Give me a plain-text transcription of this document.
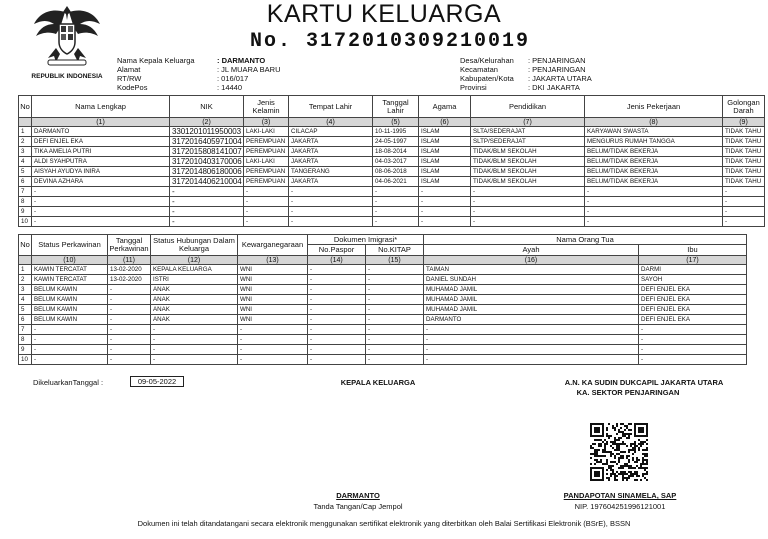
REPUBLIK INDONESIA
KARTU KELUARGA
No. 3172010309210019
Nama Kepala Keluarga	: DARMANTO
Alamat	: JL MUARA BARU
RT/RW	: 016/017
KodePos	: 14440
Desa/Kelurahan : PENJARINGAN
Kecamatan	: PENJARINGAN
Kabupaten/Kota : JAKARTA UTARA
Provinsi	: DKI JAKARTA
No	Nama Lengkap	NIK	Jenis Kelamin	Tempat Lahir	Tanggal Lahir	Agama	Pendidikan	Jenis Pekerjaan	Golongan Darah
	(1)	(2)	(3)	(4)	(5)	(6)	(7)	(8)	(9)
1	DARMANTO	3301201011950003	LAKI-LAKI	CILACAP	10-11-1995	ISLAM	SLTA/SEDERAJAT	KARYAWAN SWASTA	TIDAK TAHU
2	DEFI ENJEL EKA	3172016405971004	PEREMPUAN	JAKARTA	24-05-1997	ISLAM	SLTP/SEDERAJAT	MENGURUS RUMAH TANGGA	TIDAK TAHU
3	TIKA AMELIA PUTRI	3172015808141007	PEREMPUAN	JAKARTA	18-08-2014	ISLAM	TIDAK/BLM SEKOLAH	BELUM/TIDAK BEKERJA	TIDAK TAHU
4	ALDI SYAHPUTRA	3172010403170006	LAKI-LAKI	JAKARTA	04-03-2017	ISLAM	TIDAK/BLM SEKOLAH	BELUM/TIDAK BEKERJA	TIDAK TAHU
5	AISYAH AYUDYA INIRA	3172014806180006	PEREMPUAN	TANGERANG	08-06-2018	ISLAM	TIDAK/BLM SEKOLAH	BELUM/TIDAK BEKERJA	TIDAK TAHU
6	DEVINA AZHARA	3172014406210004	PEREMPUAN	JAKARTA	04-06-2021	ISLAM	TIDAK/BLM SEKOLAH	BELUM/TIDAK BEKERJA	TIDAK TAHU
7	-	-	-	-	-	-	-	-	-
8	-	-	-	-	-	-	-	-	-
9	-	-	-	-	-	-	-	-	-
10	-	-	-	-	-	-	-	-	-
No	Status Perkawinan	Tanggal Perkawinan	Status Hubungan Dalam Keluarga	Kewarganegaraan	Dokumen Imigrasi*		Nama Orang Tua	
					No.Paspor	No.KITAP	Ayah	Ibu
	(10)	(11)	(12)	(13)	(14)	(15)	(16)	(17)
1	KAWIN TERCATAT	13-02-2020	KEPALA KELUARGA	WNI	-	-	TAIMAN	DARMI
2	KAWIN TERCATAT	13-02-2020	ISTRI	WNI	-	-	DANIEL SUNDAH	SAYOH
3	BELUM KAWIN	-	ANAK	WNI	-	-	MUHAMAD JAMIL	DEFI ENJEL EKA
4	BELUM KAWIN	-	ANAK	WNI	-	-	MUHAMAD JAMIL	DEFI ENJEL EKA
5	BELUM KAWIN	-	ANAK	WNI	-	-	MUHAMAD JAMIL	DEFI ENJEL EKA
6	BELUM KAWIN	-	ANAK	WNI	-	-	DARMANTO	DEFI ENJEL EKA
7	-	-	-	-	-	-	-	-
8	-	-	-	-	-	-	-	-
9	-	-	-	-	-	-	-	-
10	-	-	-	-	-	-	-	-
DikeluarkanTanggal :	09-05-2022	KEPALA KELUARGA
DARMANTO
Tanda Tangan/Cap Jempol
A.N. KA SUDIN DUKCAPIL JAKARTA UTARA
KA. SEKTOR PENJARINGAN
PANDAPOTAN SINAMELA, SAP
NIP. 197604251996121001
Dokumen ini telah ditandatangani secara elektronik menggunakan sertifikat elektronik yang diterbitkan oleh Balai Sertifikasi Elektronik (BSrE), BSSN
